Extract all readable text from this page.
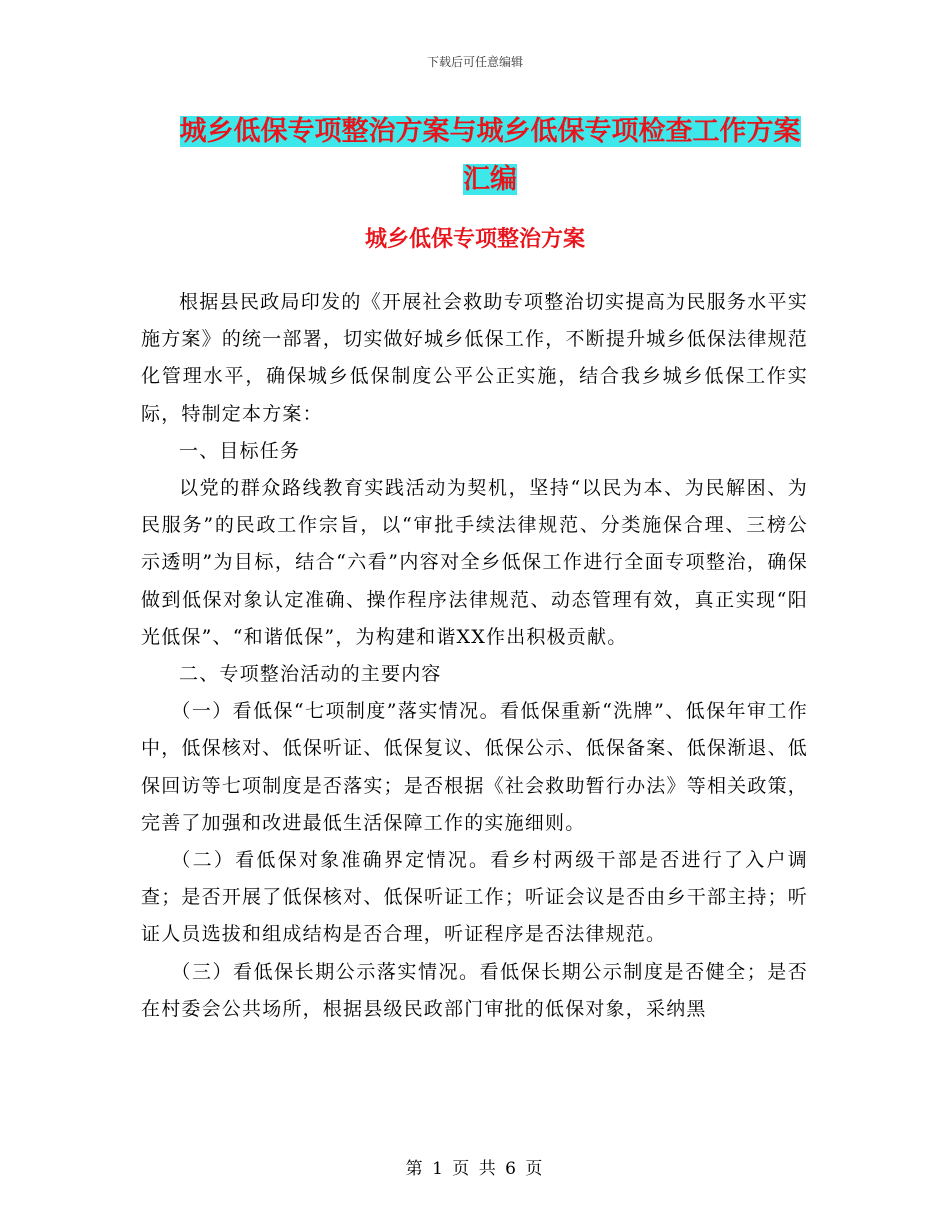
下载后可任意编辑
城乡低保专项整治方案与城乡低保专项检查工作方案
汇编
城乡低保专项整治方案

根据县民政局印发的《开展社会救助专项整治切实提高为民服务水平实施方案》的统一部署，切实做好城乡低保工作，不断提升城乡低保法律规范化管理水平，确保城乡低保制度公平公正实施，结合我乡城乡低保工作实际，特制定本方案：

一、目标任务

以党的群众路线教育实践活动为契机，坚持“以民为本、为民解困、为民服务”的民政工作宗旨，以“审批手续法律规范、分类施保合理、三榜公示透明”为目标，结合“六看”内容对全乡低保工作进行全面专项整治，确保做到低保对象认定准确、操作程序法律规范、动态管理有效，真正实现“阳光低保”、“和谐低保”，为构建和谐XX作出积极贡献。

二、专项整治活动的主要内容

（一）看低保“七项制度”落实情况。看低保重新“洗牌”、低保年审工作中，低保核对、低保听证、低保复议、低保公示、低保备案、低保渐退、低保回访等七项制度是否落实；是否根据《社会救助暂行办法》等相关政策，完善了加强和改进最低生活保障工作的实施细则。

（二）看低保对象准确界定情况。看乡村两级干部是否进行了入户调查；是否开展了低保核对、低保听证工作；听证会议是否由乡干部主持；听证人员选拔和组成结构是否合理，听证程序是否法律规范。

（三）看低保长期公示落实情况。看低保长期公示制度是否健全；是否在村委会公共场所，根据县级民政部门审批的低保对象，采纳黑

第 1 页 共 6 页
